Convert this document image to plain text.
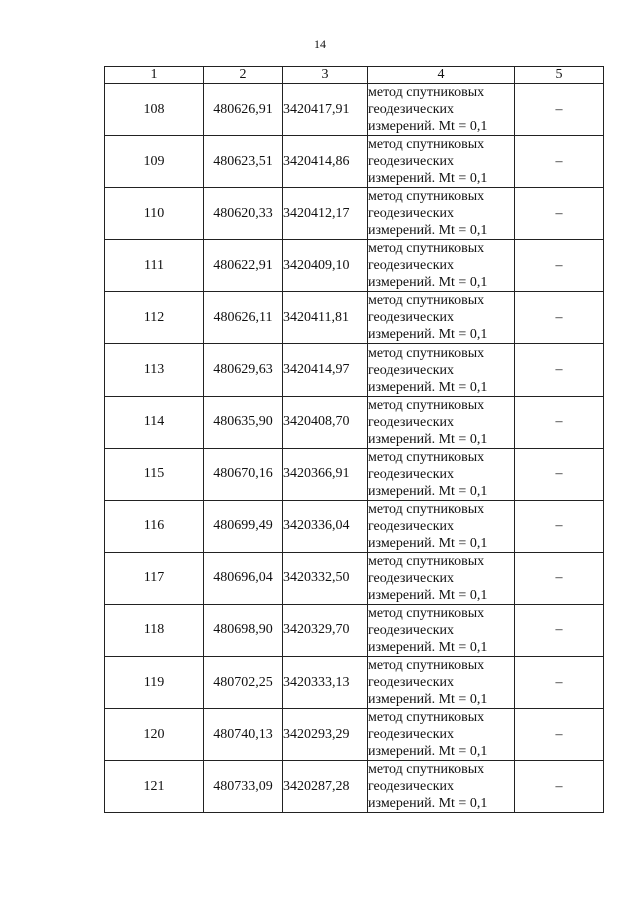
14
1	2	3	4	5
108	480626,91	3420417,91	метод спутниковых
геодезических
измерений. Mt = 0,1	–
109	480623,51	3420414,86	метод спутниковых
геодезических
измерений. Mt = 0,1	–
110	480620,33	3420412,17	метод спутниковых
геодезических
измерений. Mt = 0,1	–
111	480622,91	3420409,10	метод спутниковых
геодезических
измерений. Mt = 0,1	–
112	480626,11	3420411,81	метод спутниковых
геодезических
измерений. Mt = 0,1	–
113	480629,63	3420414,97	метод спутниковых
геодезических
измерений. Mt = 0,1	–
114	480635,90	3420408,70	метод спутниковых
геодезических
измерений. Mt = 0,1	–
115	480670,16	3420366,91	метод спутниковых
геодезических
измерений. Mt = 0,1	–
116	480699,49	3420336,04	метод спутниковых
геодезических
измерений. Mt = 0,1	–
117	480696,04	3420332,50	метод спутниковых
геодезических
измерений. Mt = 0,1	–
118	480698,90	3420329,70	метод спутниковых
геодезических
измерений. Mt = 0,1	–
119	480702,25	3420333,13	метод спутниковых
геодезических
измерений. Mt = 0,1	–
120	480740,13	3420293,29	метод спутниковых
геодезических
измерений. Mt = 0,1	–
121	480733,09	3420287,28	метод спутниковых
геодезических
измерений. Mt = 0,1	–
